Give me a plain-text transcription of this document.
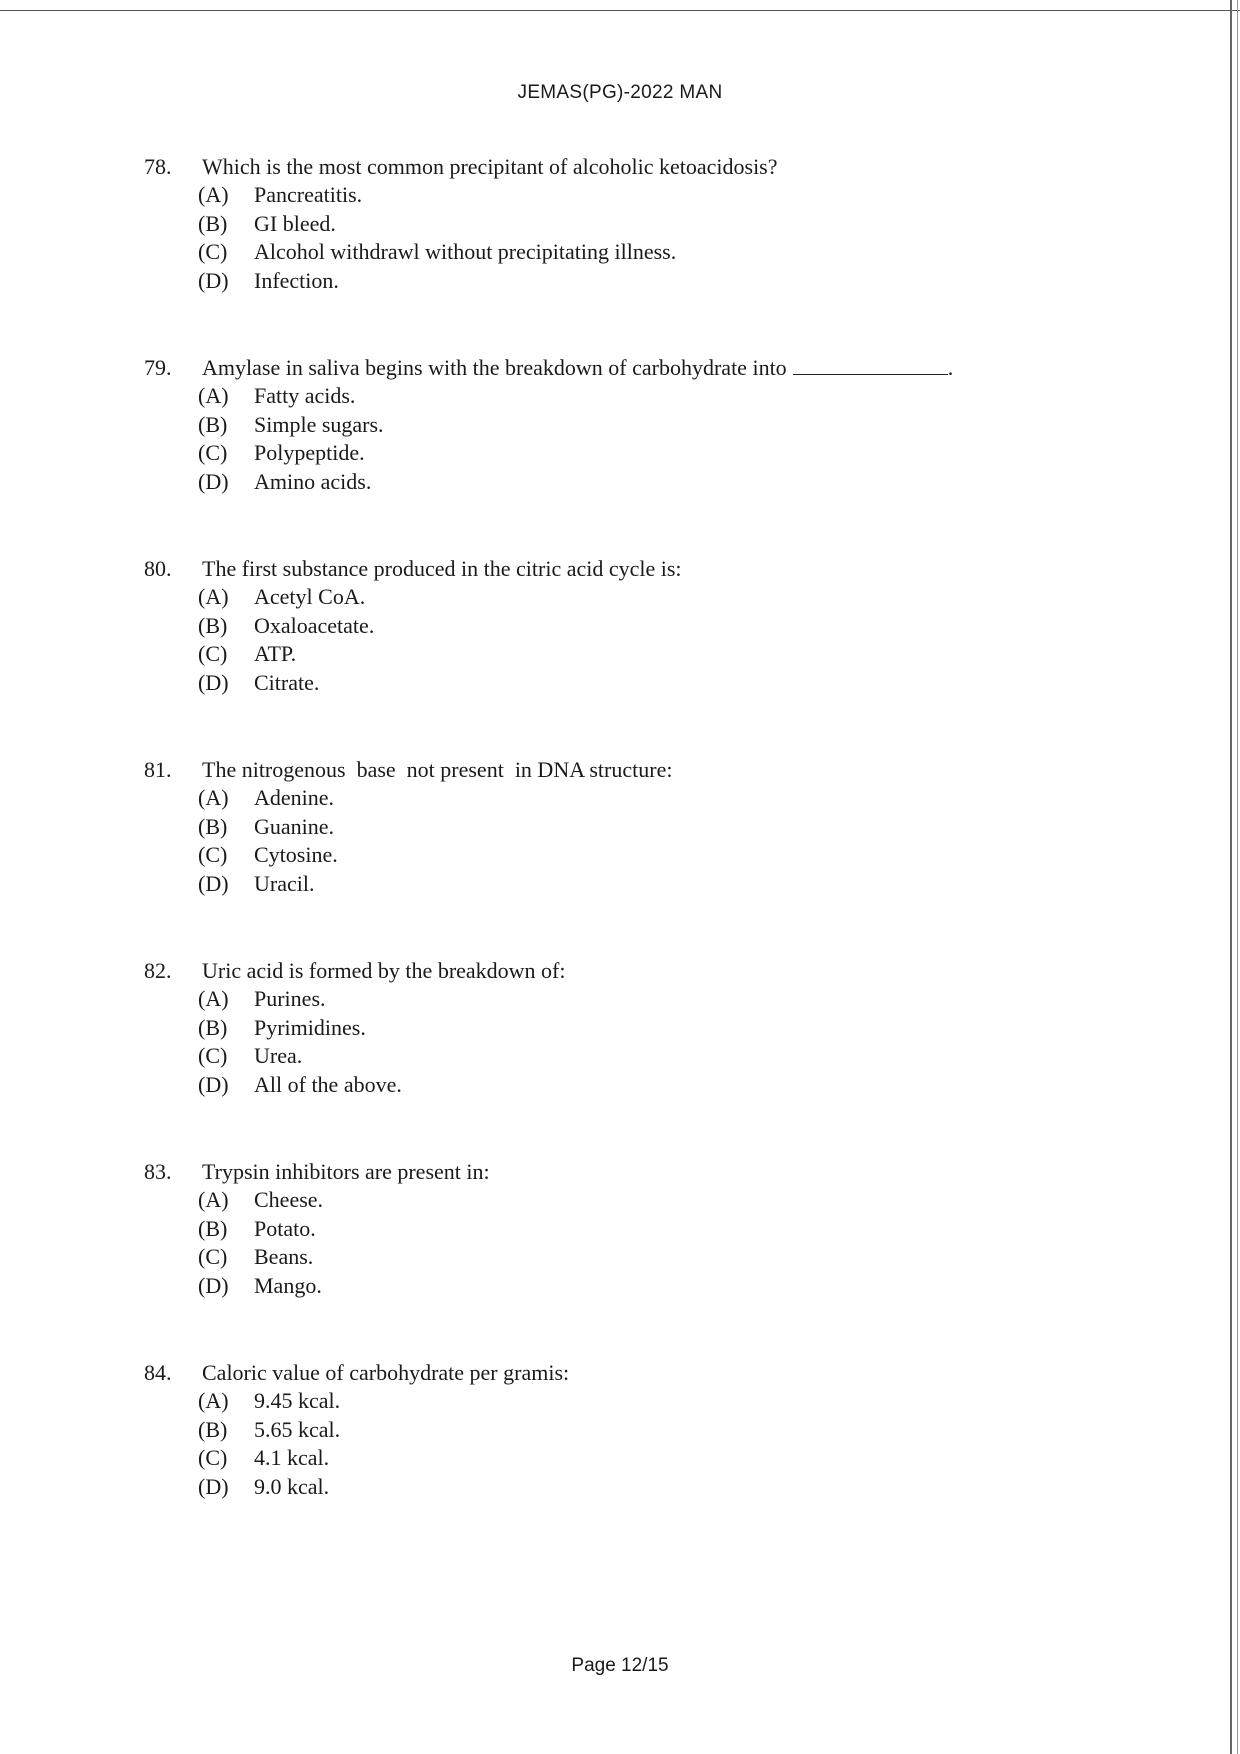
JEMAS(PG)-2022 MAN
78.	Which is the most common precipitant of alcoholic ketoacidosis?
(A)	Pancreatitis.
(B)	GI bleed.
(C)	Alcohol withdrawl without precipitating illness.
(D)	Infection.
79.	Amylase in saliva begins with the breakdown of carbohydrate into	.
(A)	Fatty acids.
(B)	Simple sugars.
(C)	Polypeptide.
(D)	Amino acids.
80.	The first substance produced in the citric acid cycle is:
(A)	Acetyl CoA.
(B)	Oxaloacetate.
(C)	ATP.
(D)	Citrate.
81.	The nitrogenous  base  not present  in DNA structure:
(A)	Adenine.
(B)	Guanine.
(C)	Cytosine.
(D)	Uracil.
82.	Uric acid is formed by the breakdown of:
(A)	Purines.
(B)	Pyrimidines.
(C)	Urea.
(D)	All of the above.
83.	Trypsin inhibitors are present in:
(A)	Cheese.
(B)	Potato.
(C)	Beans.
(D)	Mango.
84.	Caloric value of carbohydrate per gramis:
(A)	9.45 kcal.
(B)	5.65 kcal.
(C)	4.1 kcal.
(D)	9.0 kcal.
Page 12/15
